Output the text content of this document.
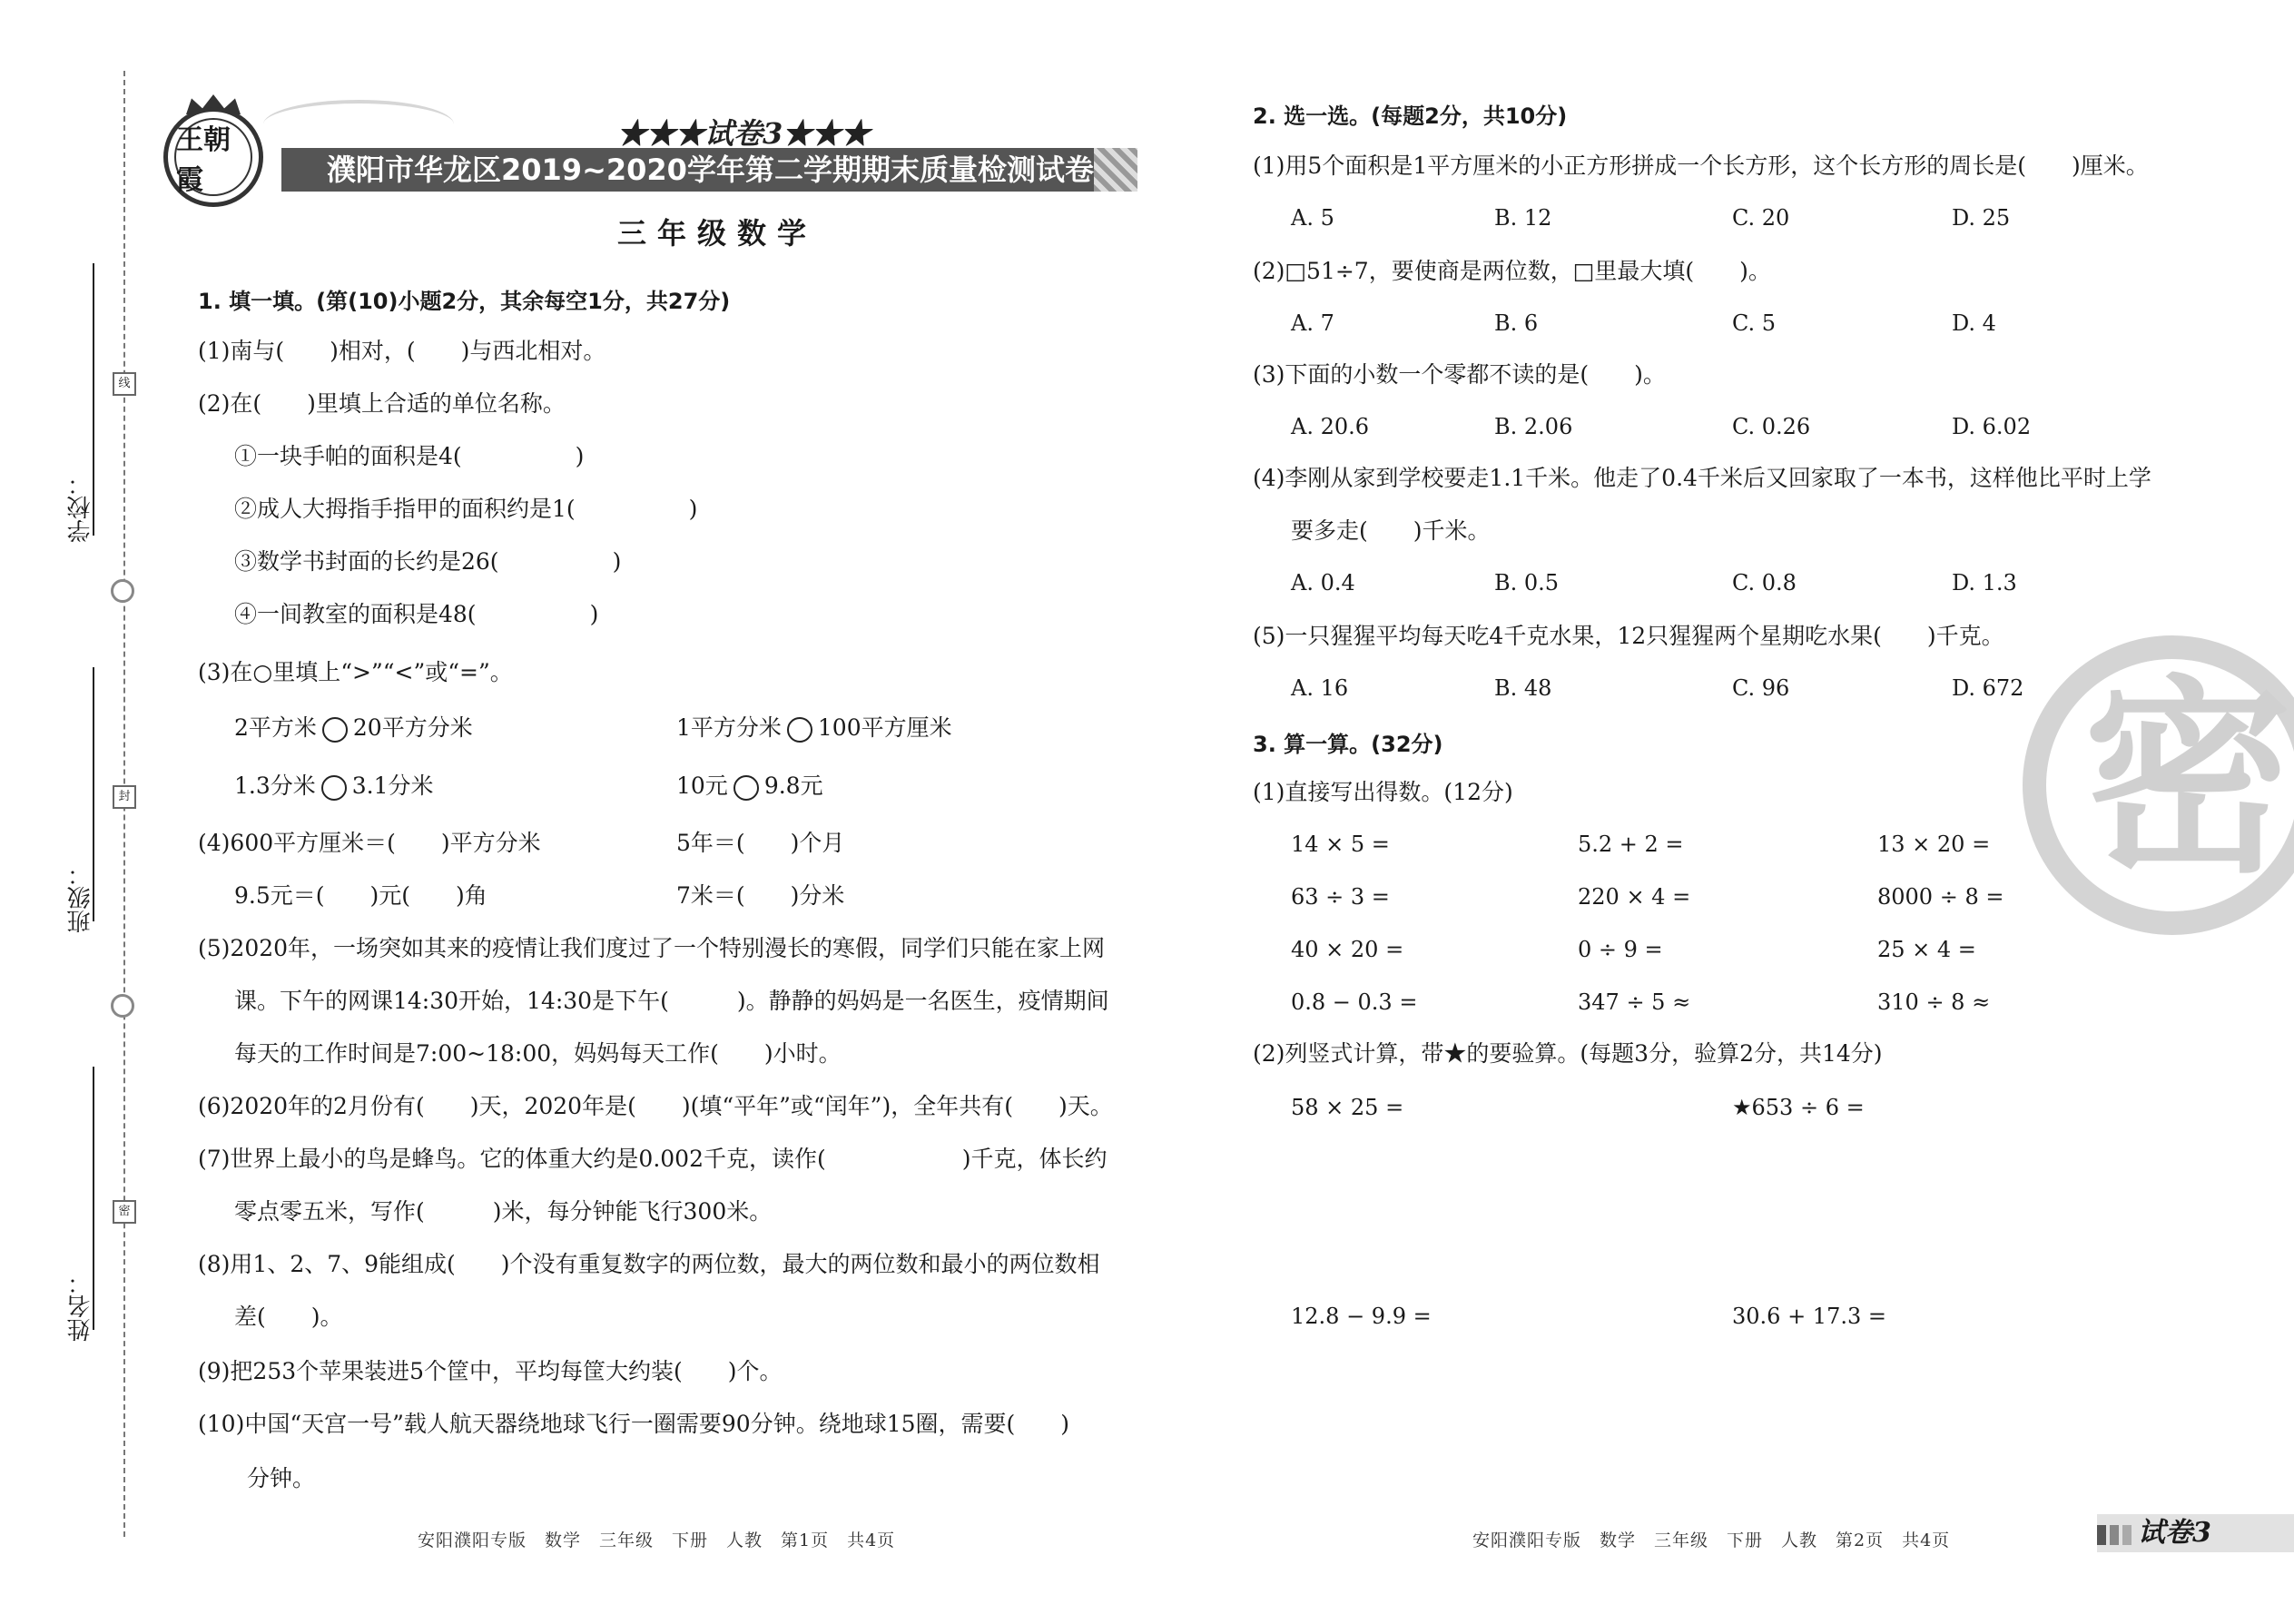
学校：
班级：
姓名：
线
封
密
濮阳市华龙区2019~2020学年第二学期期末质量检测试卷
王朝霞
★★★试卷3★★★
三年级数学
1. 填一填。(第(10)小题2分，其余每空1分，共27分)
(1)南与(　　)相对，(　　)与西北相对。
(2)在(　　)里填上合适的单位名称。
①一块手帕的面积是4(　　　　　)
②成人大拇指手指甲的面积约是1(　　　　　)
③数学书封面的长约是26(　　　　　)
④一间教室的面积是48(　　　　　)
(3)在○里填上“>”“<”或“=”。
2平方米 20平方分米	1平方分米 100平方厘米
1.3分米 3.1分米	10元 9.8元
(4)600平方厘米＝(　　)平方分米	5年＝(　　)个月
9.5元＝(　　)元(　　)角	7米＝(　　)分米
(5)2020年，一场突如其来的疫情让我们度过了一个特别漫长的寒假，同学们只能在家上网
课。下午的网课14:30开始，14:30是下午(　　　)。静静的妈妈是一名医生，疫情期间
每天的工作时间是7:00~18:00，妈妈每天工作(　　)小时。
(6)2020年的2月份有(　　)天，2020年是(　　)(填“平年”或“闰年”)，全年共有(　　)天。
(7)世界上最小的鸟是蜂鸟。它的体重大约是0.002千克，读作(　　　　　　)千克，体长约
零点零五米，写作(　　　)米，每分钟能飞行300米。
(8)用1、2、7、9能组成(　　)个没有重复数字的两位数，最大的两位数和最小的两位数相
差(　　)。
(9)把253个苹果装进5个筐中，平均每筐大约装(　　)个。
(10)中国“天宫一号”载人航天器绕地球飞行一圈需要90分钟。绕地球15圈，需要(　　)
分钟。
安阳濮阳专版　数学　三年级　下册　人教　第1页　共4页
密
2. 选一选。(每题2分，共10分)
(1)用5个面积是1平方厘米的小正方形拼成一个长方形，这个长方形的周长是(　　)厘米。
A. 5	B. 12	C. 20	D. 25
(2)□51÷7，要使商是两位数，□里最大填(　　)。
A. 7	B. 6	C. 5	D. 4
(3)下面的小数一个零都不读的是(　　)。
A. 20.6	B. 2.06	C. 0.26	D. 6.02
(4)李刚从家到学校要走1.1千米。他走了0.4千米后又回家取了一本书，这样他比平时上学
要多走(　　)千米。
A. 0.4	B. 0.5	C. 0.8	D. 1.3
(5)一只猩猩平均每天吃4千克水果，12只猩猩两个星期吃水果(　　)千克。
A. 16	B. 48	C. 96	D. 672
3. 算一算。(32分)
(1)直接写出得数。(12分)
14 × 5 =	5.2 + 2 =	13 × 20 =
63 ÷ 3 =	220 × 4 =	8000 ÷ 8 =
40 × 20 =	0 ÷ 9 =	25 × 4 =
0.8 − 0.3 =	347 ÷ 5 ≈	310 ÷ 8 ≈
(2)列竖式计算，带★的要验算。(每题3分，验算2分，共14分)
58 × 25 =	★653 ÷ 6 =
12.8 − 9.9 =	30.6 + 17.3 =
安阳濮阳专版　数学　三年级　下册　人教　第2页　共4页	试卷3
